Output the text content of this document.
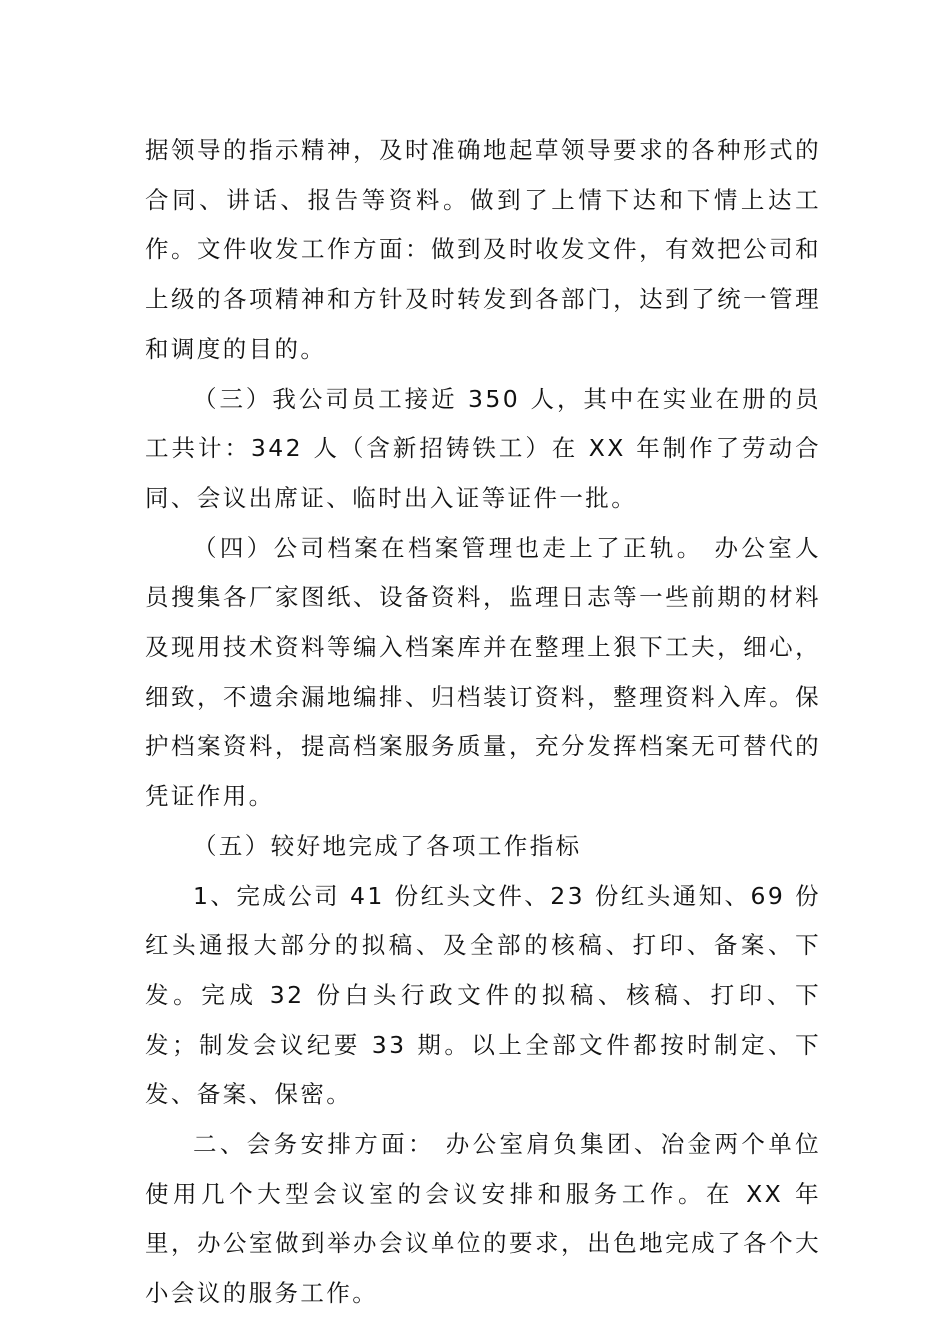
据领导的指示精神，及时准确地起草领导要求的各种形式的合同、讲话、报告等资料。做到了上情下达和下情上达工作。文件收发工作方面：做到及时收发文件，有效把公司和上级的各项精神和方针及时转发到各部门，达到了统一管理和调度的目的。

（三）我公司员工接近 350 人，其中在实业在册的员工共计：342 人（含新招铸铁工）在 XX 年制作了劳动合同、会议出席证、临时出入证等证件一批。

（四）公司档案在档案管理也走上了正轨。 办公室人员搜集各厂家图纸、设备资料，监理日志等一些前期的材料及现用技术资料等编入档案库并在整理上狠下工夫，细心，细致，不遗余漏地编排、归档装订资料，整理资料入库。保护档案资料，提高档案服务质量，充分发挥档案无可替代的凭证作用。

（五）较好地完成了各项工作指标

1、完成公司 41 份红头文件、23 份红头通知、69 份红头通报大部分的拟稿、及全部的核稿、打印、备案、下发。完成 32 份白头行政文件的拟稿、核稿、打印、下发；制发会议纪要 33 期。以上全部文件都按时制定、下发、备案、保密。

二、会务安排方面： 办公室肩负集团、冶金两个单位使用几个大型会议室的会议安排和服务工作。在 XX 年里，办公室做到举办会议单位的要求，出色地完成了各个大小会议的服务工作。
